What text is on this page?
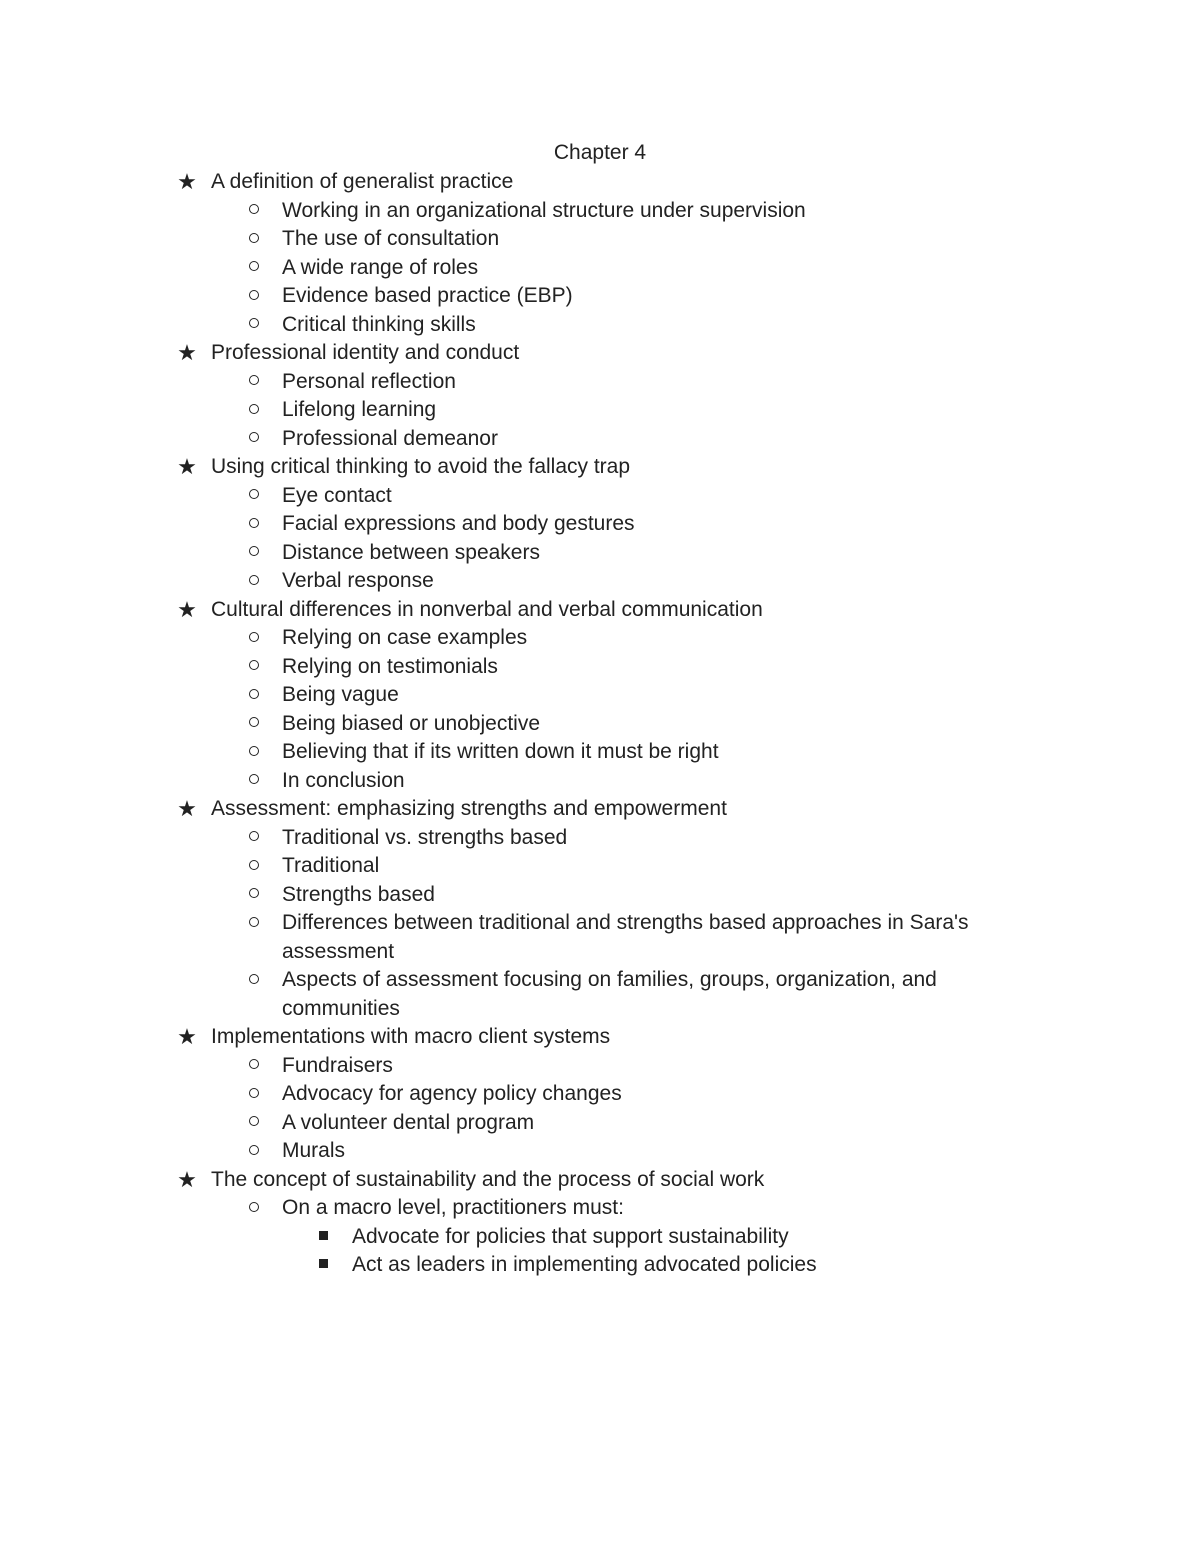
Chapter 4
★ A definition of generalist practice
Working in an organizational structure under supervision
The use of consultation
A wide range of roles
Evidence based practice (EBP)
Critical thinking skills
★ Professional identity and conduct
Personal reflection
Lifelong learning
Professional demeanor
★ Using critical thinking to avoid the fallacy trap
Eye contact
Facial expressions and body gestures
Distance between speakers
Verbal response
★ Cultural differences in nonverbal and verbal communication
Relying on case examples
Relying on testimonials
Being vague
Being biased or unobjective
Believing that if its written down it must be right
In conclusion
★ Assessment: emphasizing strengths and empowerment
Traditional vs. strengths based
Traditional
Strengths based
Differences between traditional and strengths based approaches in Sara's assessment
Aspects of assessment focusing on families, groups, organization, and communities
★ Implementations with macro client systems
Fundraisers
Advocacy for agency policy changes
A volunteer dental program
Murals
★ The concept of sustainability and the process of social work
On a macro level, practitioners must:
Advocate for policies that support sustainability
Act as leaders in implementing advocated policies
